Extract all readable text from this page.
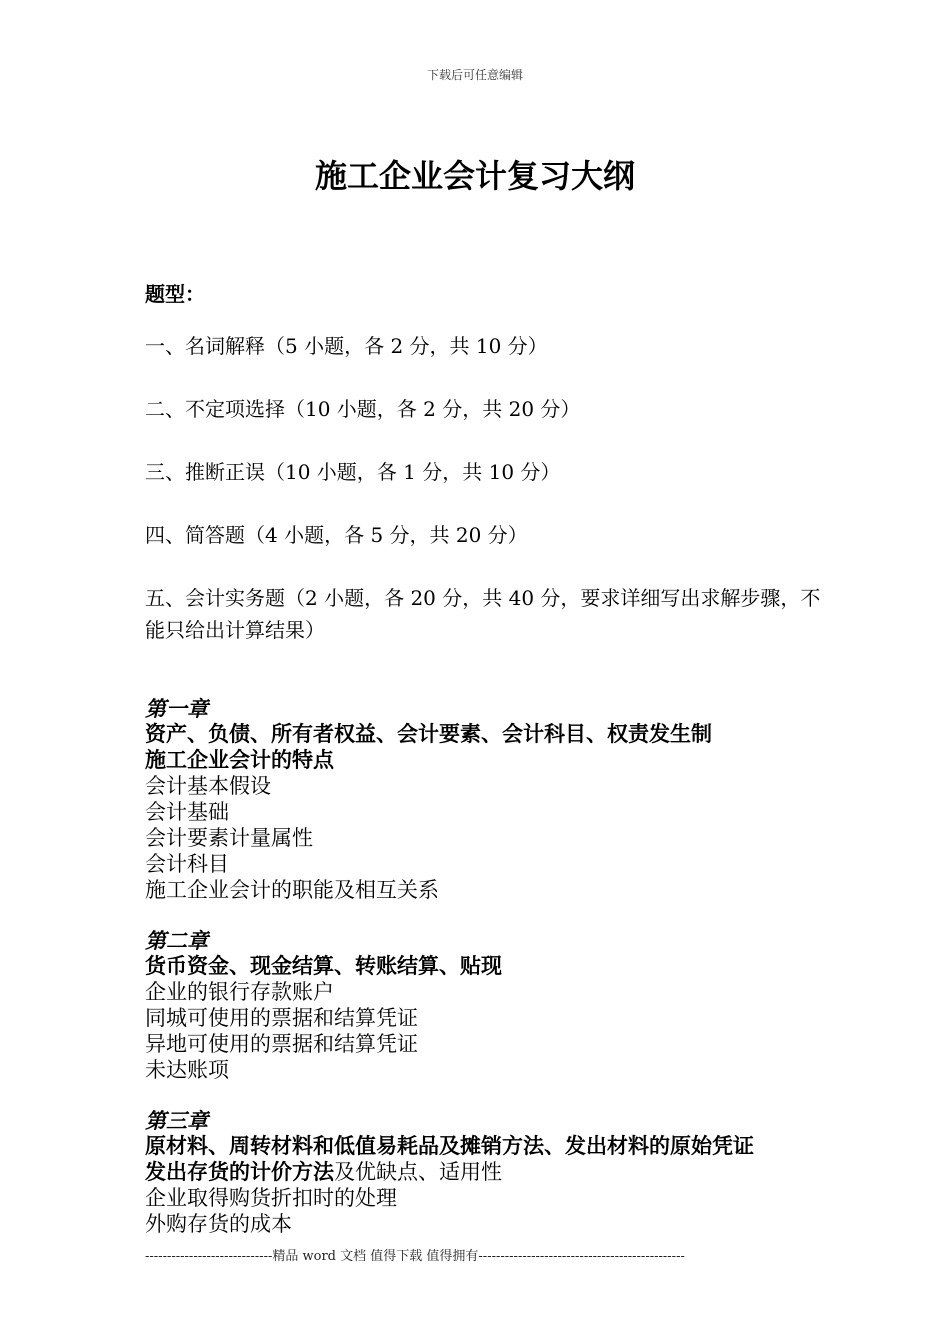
下载后可任意编辑
施工企业会计复习大纲

题型：

一、名词解释（5 小题，各 2 分，共 10 分）
二、不定项选择（10 小题，各 2 分，共 20 分）
三、推断正误（10 小题，各 1 分，共 10 分）
四、简答题（4 小题，各 5 分，共 20 分）
五、会计实务题（2 小题，各 20 分，共 40 分，要求详细写出求解步骤，不能只给出计算结果）

第一章

资产、负债、所有者权益、会计要素、会计科目、权责发生制

施工企业会计的特点

会计基本假设

会计基础

会计要素计量属性

会计科目

施工企业会计的职能及相互关系

第二章

货币资金、现金结算、转账结算、贴现

企业的银行存款账户

同城可使用的票据和结算凭证

异地可使用的票据和结算凭证

未达账项

第三章

原材料、周转材料和低值易耗品及摊销方法、发出材料的原始凭证

发出存货的计价方法及优缺点、适用性

企业取得购货折扣时的处理

外购存货的成本

-----------------------------精品 word 文档 值得下载 值得拥有-----------------------------------------------
